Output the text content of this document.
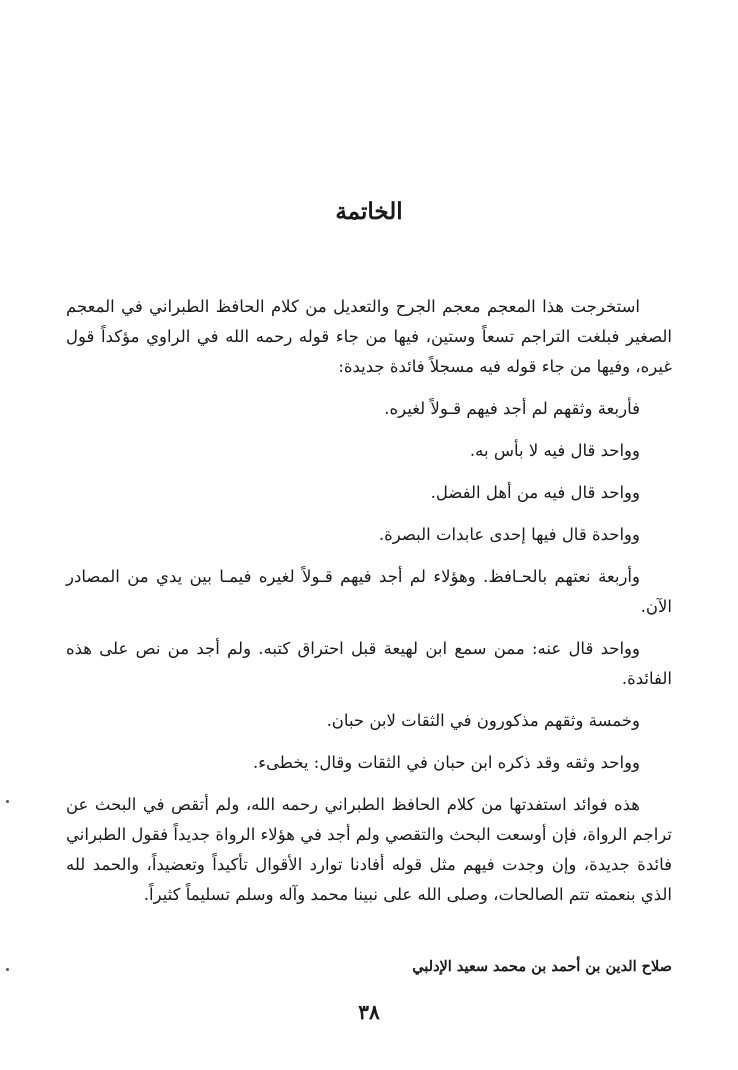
الخاتمة

استخرجت هذا المعجم معجم الجرح والتعديل من كلام الحافظ الطبراني في المعجم الصغير فبلغت التراجم تسعاً وستين، فيها من جاء قوله رحمه الله في الراوي مؤكداً قول غيره، وفيها من جاء قوله فيه مسجلاً فائدة جديدة:

فأربعة وثقهم لم أجد فيهم قـولاً لغيره.

وواحد قال فيه لا بأس به.

وواحد قال فيه من أهل الفضل.

وواحدة قال فيها إحدى عابدات البصرة.

وأربعة نعتهم بالحـافظ. وهؤلاء لم أجد فيهم قـولاً لغيره فيمـا بين يدي من المصادر الآن.

وواحد قال عنه: ممن سمع ابن لهيعة قبل احتراق كتبه. ولم أجد من نص على هذه الفائدة.

وخمسة وثقهم مذكورون في الثقات لابن حبان.

وواحد وثقه وقد ذكره ابن حبان في الثقات وقال: يخطىء.

هذه فوائد استفدتها من كلام الحافظ الطبراني رحمه الله، ولم أتقص في البحث عن تراجم الرواة، فإن أوسعت البحث والتقصي ولم أجد في هؤلاء الرواة جديداً فقول الطبراني فائدة جديدة، وإن وجدت فيهم مثل قوله أفادنا توارد الأقوال تأكيداً وتعضيداً، والحمد لله الذي بنعمته تتم الصالحات، وصلى الله على نبينا محمد وآله وسلم تسليماً كثيراً.

صلاح الدين بن أحمد بن محمد سعيد الإدلبي
٣٨
